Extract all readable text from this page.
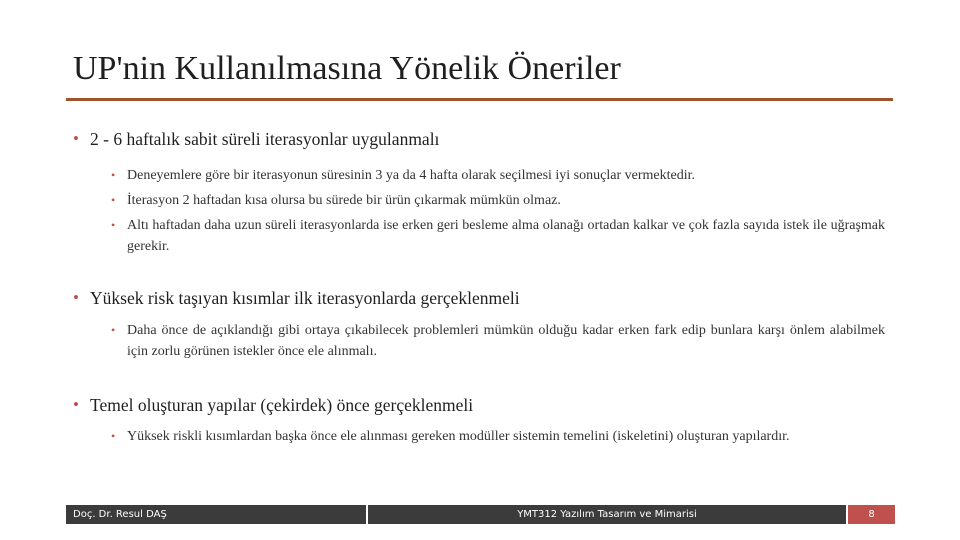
UP'nin Kullanılmasına Yönelik Öneriler
• 2 - 6 haftalık sabit süreli iterasyonlar uygulanmalı
• Deneyemlere göre bir iterasyonun süresinin 3 ya da 4 hafta olarak seçilmesi iyi sonuçlar vermektedir.
• İterasyon 2 haftadan kısa olursa bu sürede bir ürün çıkarmak mümkün olmaz.
• Altı haftadan daha uzun süreli iterasyonlarda ise erken geri besleme alma olanağı ortadan kalkar ve çok fazla sayıda istek ile uğraşmak gerekir.
• Yüksek risk taşıyan kısımlar ilk iterasyonlarda gerçeklenmeli
• Daha önce de açıklandığı gibi ortaya çıkabilecek problemleri mümkün olduğu kadar erken fark edip bunlara karşı önlem alabilmek için zorlu görünen istekler önce ele alınmalı.
• Temel oluşturan yapılar (çekirdek) önce gerçeklenmeli
• Yüksek riskli kısımlardan başka önce ele alınması gereken modüller sistemin temelini (iskeletini) oluşturan yapılardır.
Doç. Dr. Resul DAŞ	YMT312 Yazılım Tasarım ve Mimarisi	8
